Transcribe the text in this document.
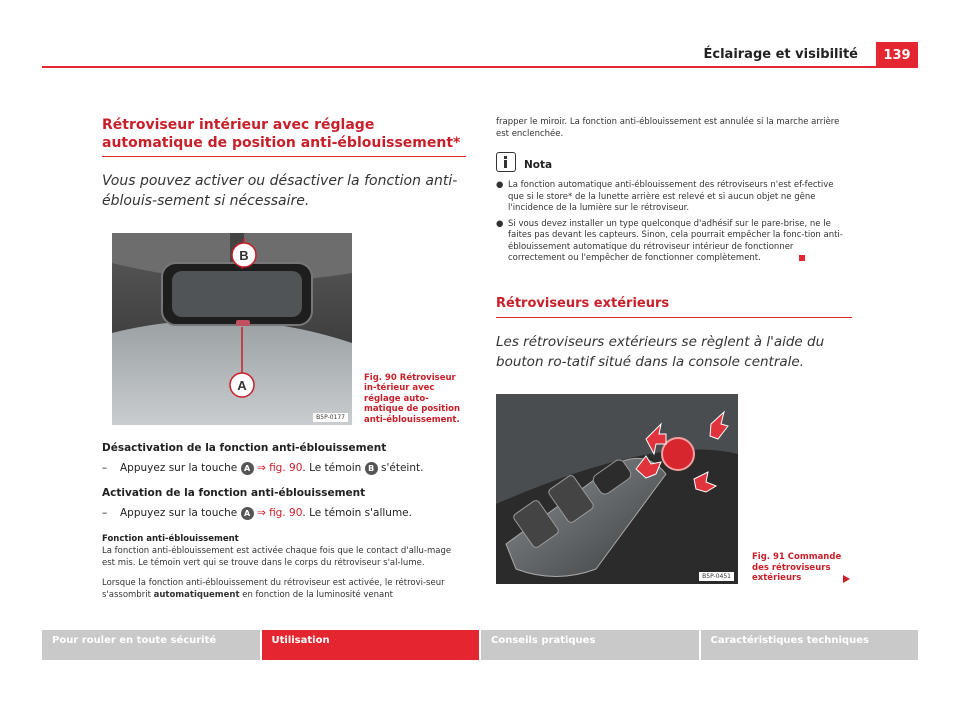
Éclairage et visibilité	139
Rétroviseur intérieur avec réglage automatique de position anti-éblouissement*
Vous pouvez activer ou désactiver la fonction anti-éblouis-sement si nécessaire.
B
A
B5P-0177
Fig. 90 Rétroviseur in-térieur avec réglage auto-matique de position anti-éblouissement.
Désactivation de la fonction anti-éblouissement
–	Appuyez sur la touche A ⇒ fig. 90. Le témoin B s'éteint.
Activation de la fonction anti-éblouissement
–	Appuyez sur la touche A ⇒ fig. 90. Le témoin s'allume.
Fonction anti-éblouissement
La fonction anti-éblouissement est activée chaque fois que le contact d'allu-mage est mis. Le témoin vert qui se trouve dans le corps du rétroviseur s'al-lume.
Lorsque la fonction anti-éblouissement du rétroviseur est activée, le rétrovi-seur s'assombrit automatiquement en fonction de la luminosité venant
frapper le miroir. La fonction anti-éblouissement est annulée si la marche arrière est enclenchée.
Nota
● La fonction automatique anti-éblouissement des rétroviseurs n'est ef-fective que si le store* de la lunette arrière est relevé et si aucun objet ne gêne l'incidence de la lumière sur le rétroviseur.
● Si vous devez installer un type quelconque d'adhésif sur le pare-brise, ne le faites pas devant les capteurs. Sinon, cela pourrait empêcher la fonc-tion anti-éblouissement automatique du rétroviseur intérieur de fonctionner correctement ou l'empêcher de fonctionner complètement.
Rétroviseurs extérieurs
Les rétroviseurs extérieurs se règlent à l'aide du bouton ro-tatif situé dans la console centrale.
B5P-0451
Fig. 91 Commande des rétroviseurs extérieurs
Pour rouler en toute sécurité	Utilisation	Conseils pratiques	Caractéristiques techniques
